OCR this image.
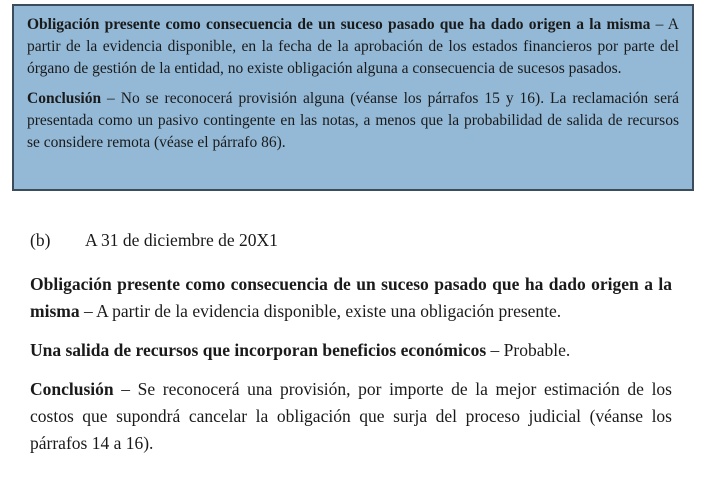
Obligación presente como consecuencia de un suceso pasado que ha dado origen a la misma – A partir de la evidencia disponible, en la fecha de la aprobación de los estados financieros por parte del órgano de gestión de la entidad, no existe obligación alguna a consecuencia de sucesos pasados.

Conclusión – No se reconocerá provisión alguna (véanse los párrafos 15 y 16). La reclamación será presentada como un pasivo contingente en las notas, a menos que la probabilidad de salida de recursos se considere remota (véase el párrafo 86).

(b) A 31 de diciembre de 20X1

Obligación presente como consecuencia de un suceso pasado que ha dado origen a la misma – A partir de la evidencia disponible, existe una obligación presente.

Una salida de recursos que incorporan beneficios económicos – Probable.

Conclusión – Se reconocerá una provisión, por importe de la mejor estimación de los costos que supondrá cancelar la obligación que surja del proceso judicial (véanse los párrafos 14 a 16).
